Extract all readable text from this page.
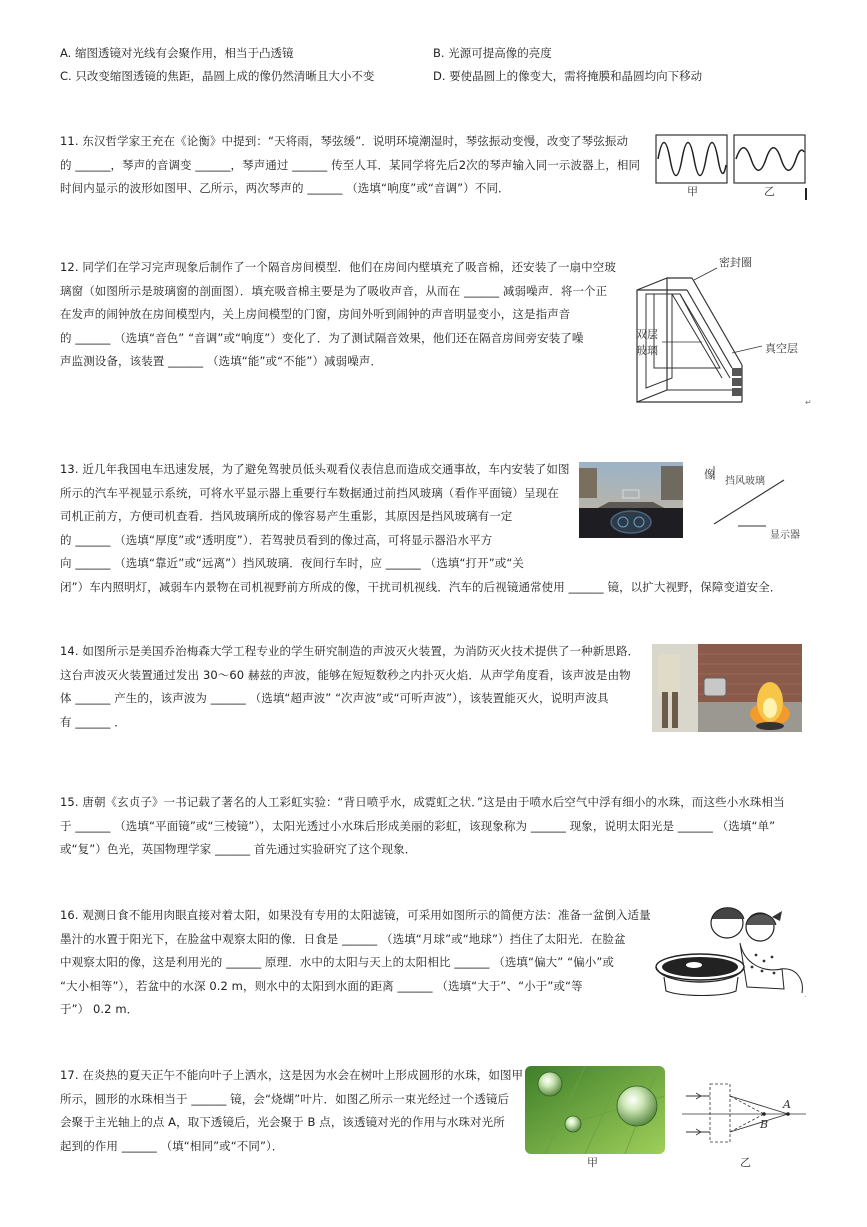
A. 缩图透镜对光线有会聚作用，相当于凸透镜	B. 光源可提高像的亮度
C. 只改变缩图透镜的焦距，晶圆上成的像仍然清晰且大小不变	D. 要使晶圆上的像变大，需将掩膜和晶圆均向下移动
11. 东汉哲学家王充在《论衡》中提到：“天将雨，琴弦缓”．说明环境潮湿时，琴弦振动变慢，改变了琴弦振动
的 ______，琴声的音调变 ______，琴声通过 ______ 传至人耳．某同学将先后2次的琴声输入同一示波器上，相同
时间内显示的波形如图甲、乙所示，两次琴声的 ______ （选填“响度”或“音调”）不同．	甲	乙
12. 同学们在学习完声现象后制作了一个隔音房间模型．他们在房间内壁填充了吸音棉，还安装了一扇中空玻
璃窗（如图所示是玻璃窗的剖面图）．填充吸音棉主要是为了吸收声音，从而在 ______ 减弱噪声．将一个正
在发声的闹钟放在房间模型内，关上房间模型的门窗，房间外听到闹钟的声音明显变小，这是指声音
的 ______ （选填“音色” “音调”或“响度”）变化了．为了测试隔音效果，他们还在隔音房间旁安装了噪
声监测设备，该装置 ______ （选填“能”或“不能”）减弱噪声．
↵
密封圈
双层
玻璃	真空层
13. 近几年我国电车迅速发展，为了避免驾驶员低头观看仪表信息而造成交通事故，车内安装了如图
所示的汽车平视显示系统，可将水平显示器上重要行车数据通过前挡风玻璃（看作平面镜）呈现在
司机正前方，方便司机查看．挡风玻璃所成的像容易产生重影，其原因是挡风玻璃有一定
的 ______ （选填“厚度”或“透明度”）．若驾驶员看到的像过高，可将显示器沿水平方
向 ______ （选填“靠近”或“远离”）挡风玻璃．夜间行车时，应 ______ （选填“打开”或“关
闭”）车内照明灯，减弱车内景物在司机视野前方所成的像，干扰司机视线．汽车的后视镜通常使用 ______ 镜，以扩大视野，保障变道安全．
像
挡风玻璃
显示器
14. 如图所示是美国乔治梅森大学工程专业的学生研究制造的声波灭火装置，为消防灭火技术提供了一种新思路．
这台声波灭火装置通过发出 30～60 赫兹的声波，能够在短短数秒之内扑灭火焰．从声学角度看，该声波是由物
体 ______ 产生的，该声波为 ______ （选填“超声波” “次声波”或“可听声波”），该装置能灭火，说明声波具
有 ______ ．
15. 唐朝《玄贞子》一书记载了著名的人工彩虹实验：“背日喷乎水，成霓虹之状．”这是由于喷水后空气中浮有细小的水珠，而这些小水珠相当
于 ______ （选填“平面镜”或“三棱镜”），太阳光透过小水珠后形成美丽的彩虹，该现象称为 ______ 现象，说明太阳光是 ______ （选填“单”
或“复”）色光，英国物理学家 ______ 首先通过实验研究了这个现象．
16. 观测日食不能用肉眼直接对着太阳，如果没有专用的太阳滤镜，可采用如图所示的简便方法：准备一盆倒入适量
墨汁的水置于阳光下，在脸盆中观察太阳的像．日食是 ______ （选填“月球”或“地球”）挡住了太阳光．在脸盆
中观察太阳的像，这是利用光的 ______ 原理．水中的太阳与天上的太阳相比 ______ （选填“偏大” “偏小”或
“大小相等”），若盆中的水深 0.2 m，则水中的太阳到水面的距离 ______ （选填“大于”、“小于”或“等
于”） 0.2 m．
·
17. 在炎热的夏天正午不能向叶子上洒水，这是因为水会在树叶上形成圆形的水珠，如图甲
所示，圆形的水珠相当于 ______ 镜，会“烧煳”叶片．如图乙所示一束光经过一个透镜后
会聚于主光轴上的点 A，取下透镜后，光会聚于 B 点，该透镜对光的作用与水珠对光所
起到的作用 ______ （填“相同”或“不同”）．
甲
A
B
乙
